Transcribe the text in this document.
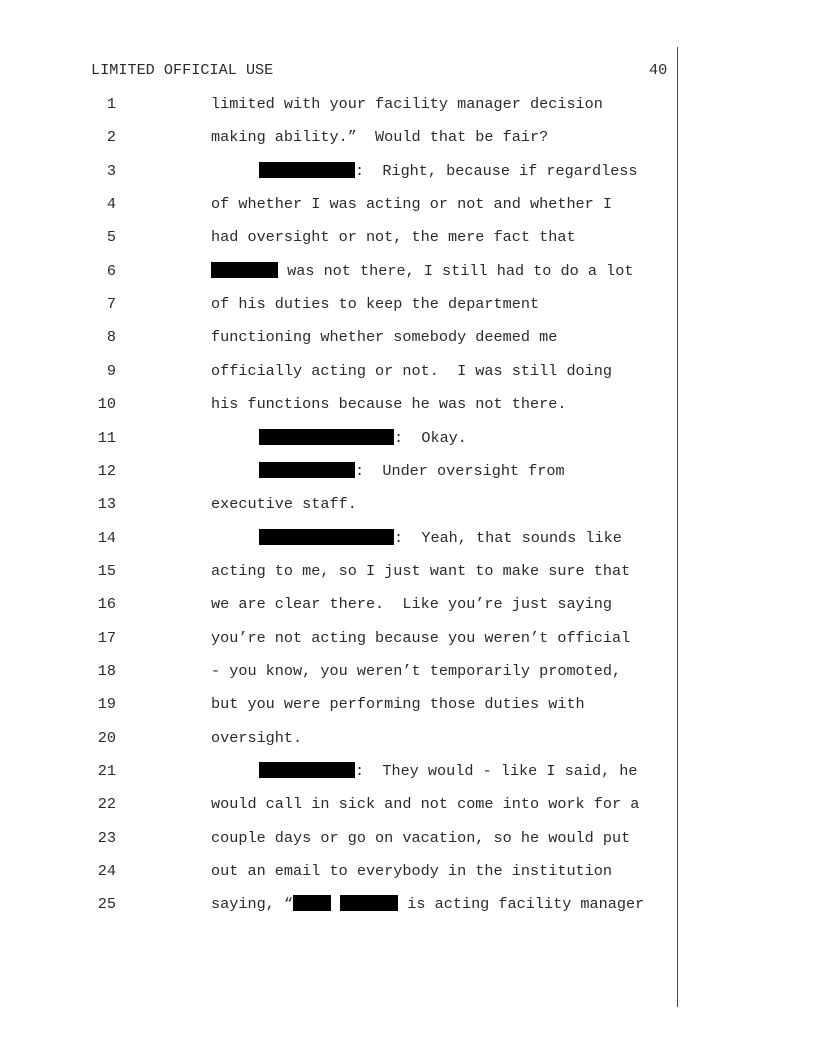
LIMITED OFFICIAL USE	40
1	limited with your facility manager decision
2	making ability.”  Would that be fair?
3	:  Right, because if regardless
4	of whether I was acting or not and whether I
5	had oversight or not, the mere fact that
6	was not there, I still had to do a lot
7	of his duties to keep the department
8	functioning whether somebody deemed me
9	officially acting or not.  I was still doing
10	his functions because he was not there.
11	:  Okay.
12	:  Under oversight from
13	executive staff.
14	:  Yeah, that sounds like
15	acting to me, so I just want to make sure that
16	we are clear there.  Like you’re just saying
17	you’re not acting because you weren’t official
18	- you know, you weren’t temporarily promoted,
19	but you were performing those duties with
20	oversight.
21	:  They would - like I said, he
22	would call in sick and not come into work for a
23	couple days or go on vacation, so he would put
24	out an email to everybody in the institution
25	saying, “	is acting facility manager
